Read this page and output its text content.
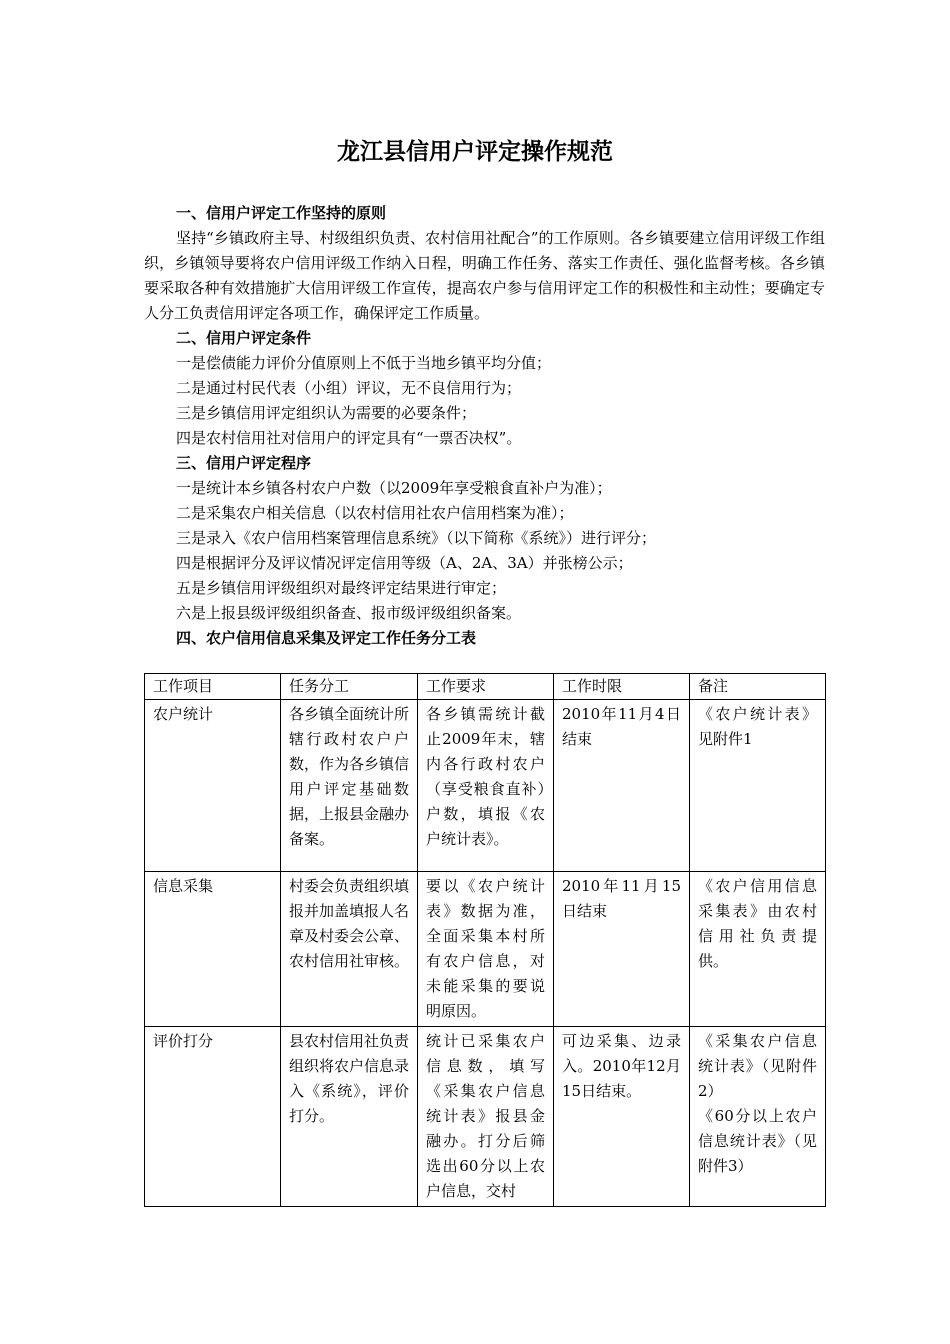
龙江县信用户评定操作规范
一、信用户评定工作坚持的原则

坚持“乡镇政府主导、村级组织负责、农村信用社配合”的工作原则。各乡镇要建立信用评级工作组织，乡镇领导要将农户信用评级工作纳入日程，明确工作任务、落实工作责任、强化监督考核。各乡镇要采取各种有效措施扩大信用评级工作宣传，提高农户参与信用评定工作的积极性和主动性；要确定专人分工负责信用评定各项工作，确保评定工作质量。

二、信用户评定条件
一是偿债能力评价分值原则上不低于当地乡镇平均分值；
二是通过村民代表（小组）评议，无不良信用行为；
三是乡镇信用评定组织认为需要的必要条件；
四是农村信用社对信用户的评定具有“一票否决权”。
三、信用户评定程序
一是统计本乡镇各村农户户数（以2009年享受粮食直补户为准）；
二是采集农户相关信息（以农村信用社农户信用档案为准）；
三是录入《农户信用档案管理信息系统》（以下简称《系统》）进行评分；
四是根据评分及评议情况评定信用等级（A、2A、3A）并张榜公示；
五是乡镇信用评级组织对最终评定结果进行审定；
六是上报县级评级组织备查、报市级评级组织备案。
四、农户信用信息采集及评定工作任务分工表
工作项目	任务分工	工作要求	工作时限	备注
农户统计	各乡镇全面统计所辖行政村农户户数，作为各乡镇信用户评定基础数据，上报县金融办备案。	各乡镇需统计截止2009年末，辖内各行政村农户（享受粮食直补）户数，填报《农户统计表》。	2010年11月4日结束	《农户统计表》见附件1
信息采集	村委会负责组织填报并加盖填报人名章及村委会公章、农村信用社审核。	要以《农户统计表》数据为准，全面采集本村所有农户信息，对未能采集的要说明原因。	2010年11月15日结束	《农户信用信息采集表》由农村信用社负责提供。
评价打分	县农村信用社负责组织将农户信息录入《系统》，评价打分。	统计已采集农户信息数，填写《采集农户信息统计表》报县金融办。打分后筛选出60分以上农户信息，交村	可边采集、边录入。2010年12月15日结束。	《采集农户信息统计表》（见附件2）
《60分以上农户信息统计表》（见附件3）
